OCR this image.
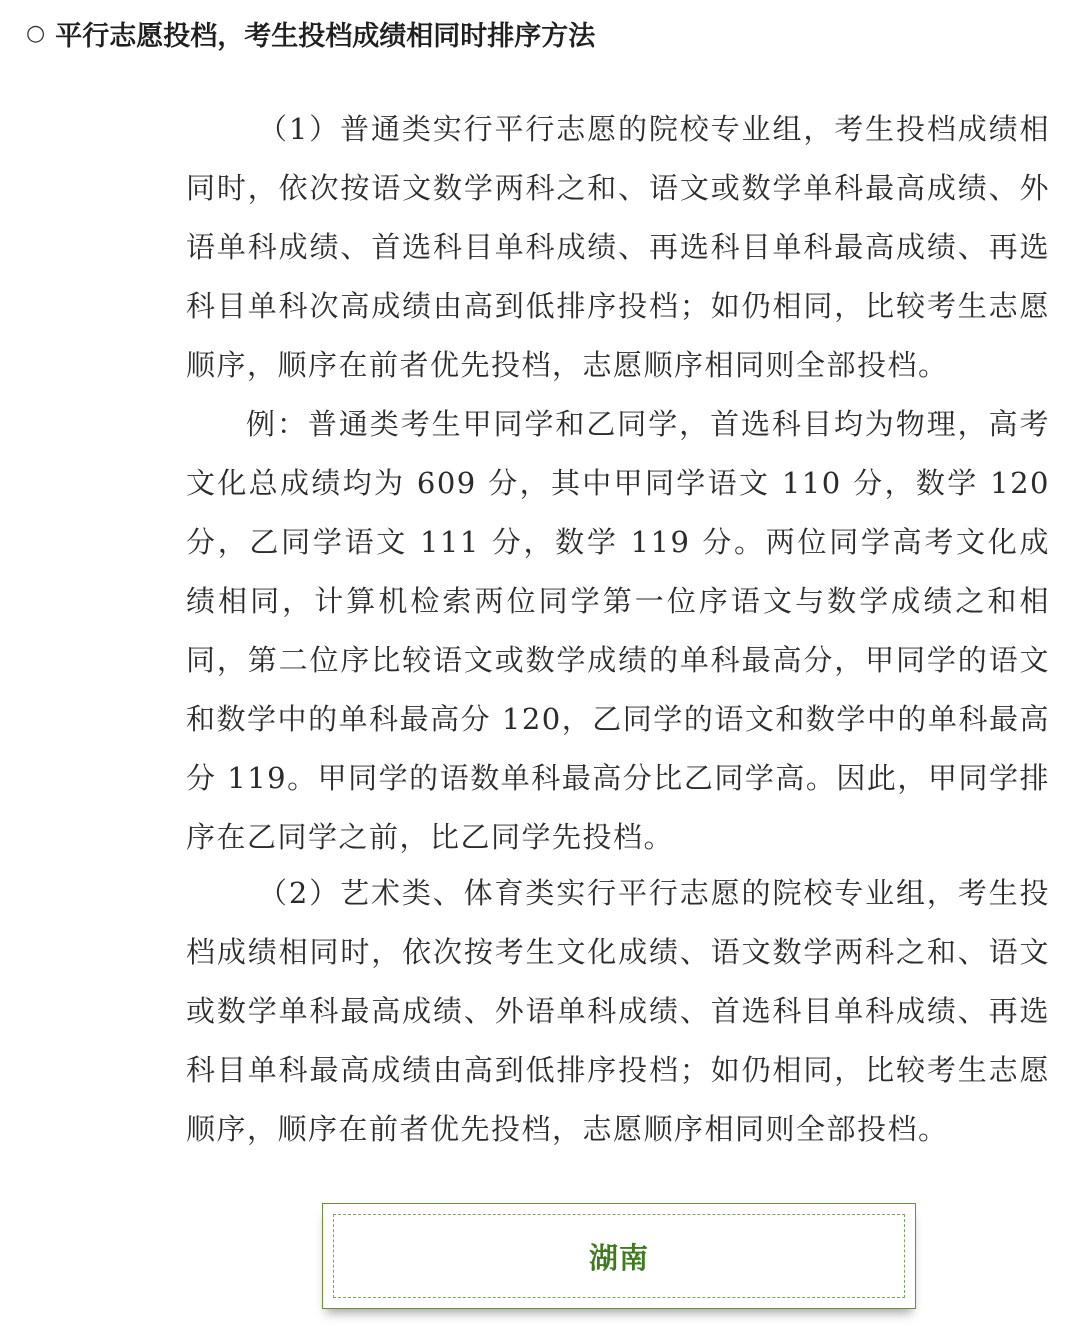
○ 平行志愿投档，考生投档成绩相同时排序方法

（1）普通类实行平行志愿的院校专业组，考生投档成绩相同时，依次按语文数学两科之和、语文或数学单科最高成绩、外语单科成绩、首选科目单科成绩、再选科目单科最高成绩、再选科目单科次高成绩由高到低排序投档；如仍相同，比较考生志愿顺序，顺序在前者优先投档，志愿顺序相同则全部投档。

例：普通类考生甲同学和乙同学，首选科目均为物理，高考文化总成绩均为 609 分，其中甲同学语文 110 分，数学 120 分，乙同学语文 111 分，数学 119 分。两位同学高考文化成绩相同，计算机检索两位同学第一位序语文与数学成绩之和相同，第二位序比较语文或数学成绩的单科最高分，甲同学的语文和数学中的单科最高分 120，乙同学的语文和数学中的单科最高分 119。甲同学的语数单科最高分比乙同学高。因此，甲同学排序在乙同学之前，比乙同学先投档。

（2）艺术类、体育类实行平行志愿的院校专业组，考生投档成绩相同时，依次按考生文化成绩、语文数学两科之和、语文或数学单科最高成绩、外语单科成绩、首选科目单科成绩、再选科目单科最高成绩由高到低排序投档；如仍相同，比较考生志愿顺序，顺序在前者优先投档，志愿顺序相同则全部投档。

湖南
